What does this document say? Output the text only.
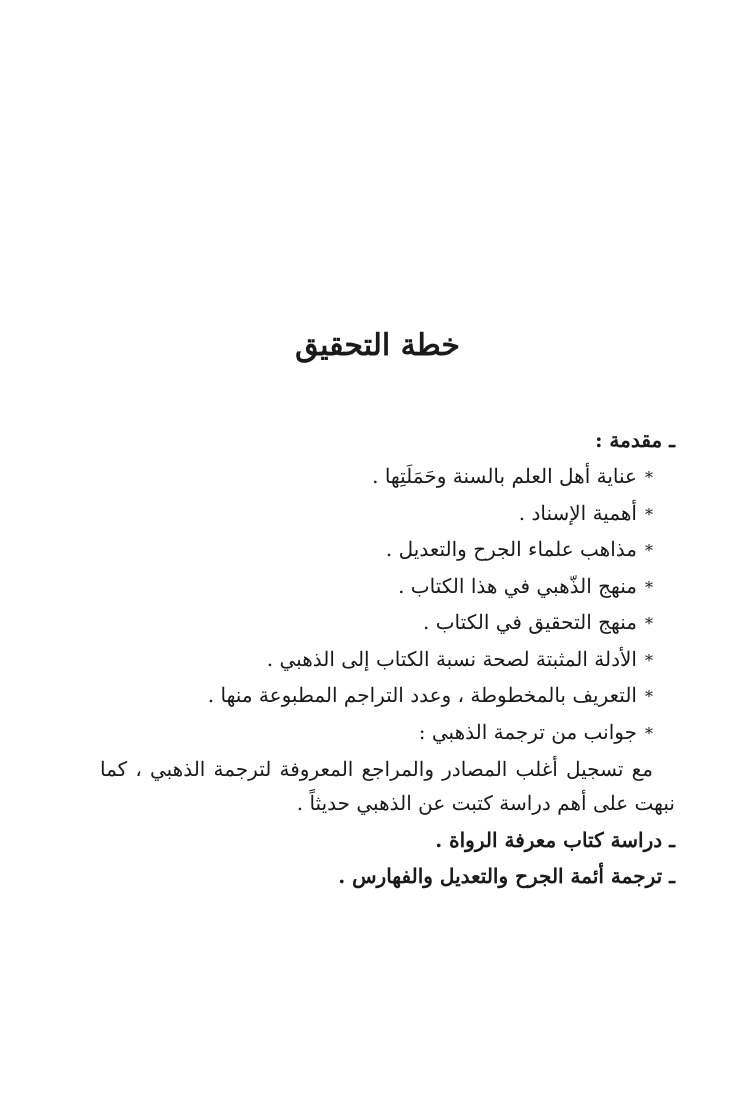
خطة التحقيق
ـ مقدمة :
*عناية أهل العلم بالسنة وحَمَلَتِها .
*أهمية الإسناد .
*مذاهب علماء الجرح والتعديل .
*منهج الذّهبي في هذا الكتاب .
*منهج التحقيق في الكتاب .
*الأدلة المثبتة لصحة نسبة الكتاب إلى الذهبي .
*التعريف بالمخطوطة ، وعدد التراجم المطبوعة منها .
*جوانب من ترجمة الذهبي :
مع تسجيل أغلب المصادر والمراجع المعروفة لترجمة الذهبي ، كما نبهت على أهم دراسة كتبت عن الذهبي حديثاً .
ـ دراسة كتاب معرفة الرواة .
ـ ترجمة أئمة الجرح والتعديل والفهارس .
